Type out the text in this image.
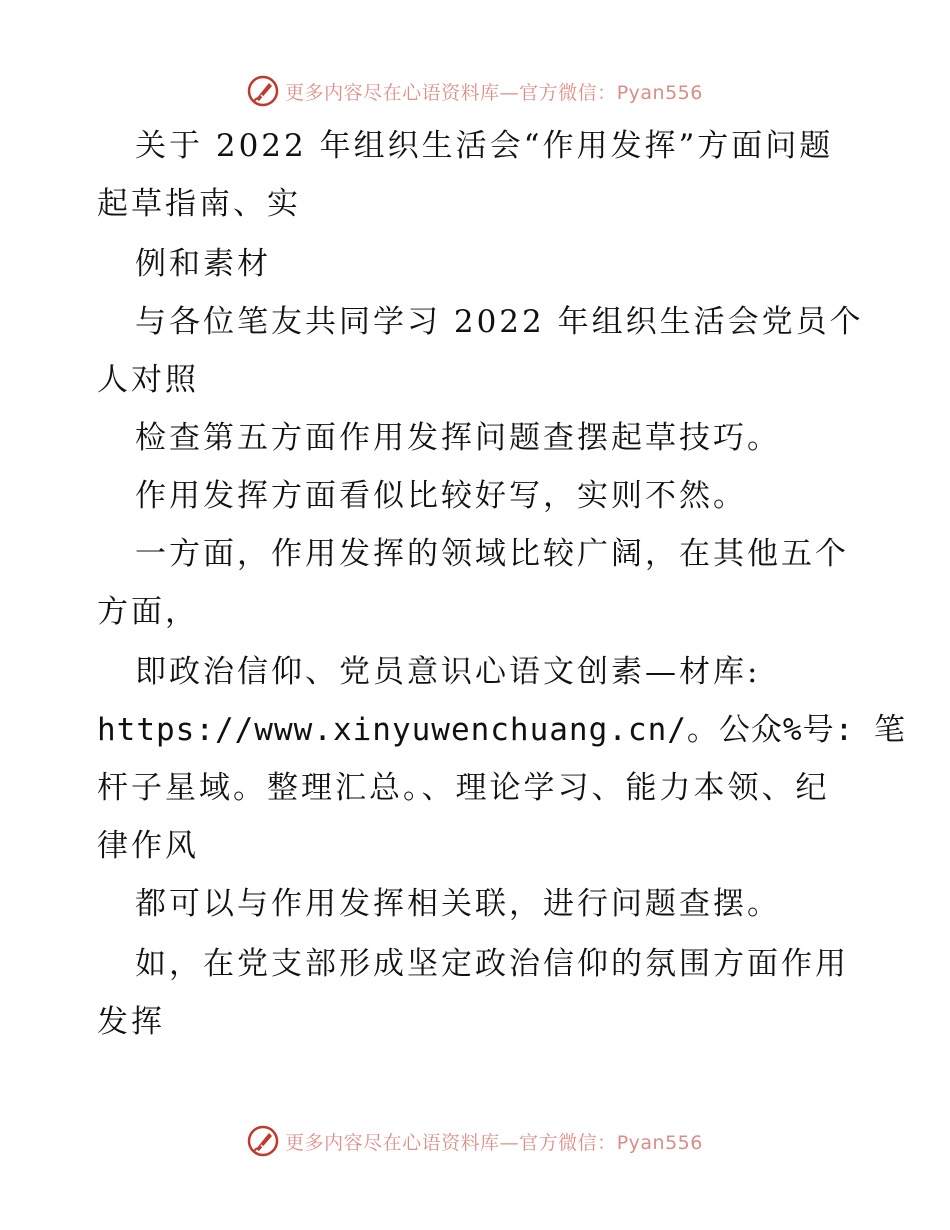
更多内容尽在心语资料库—官方微信：Pyan556
关于 2022 年组织生活会“作用发挥”方面问题
起草指南、实
例和素材
与各位笔友共同学习 2022 年组织生活会党员个
人对照
检查第五方面作用发挥问题查摆起草技巧。
作用发挥方面看似比较好写，实则不然。
一方面，作用发挥的领域比较广阔，在其他五个
方面，
即政治信仰、党员意识心语文创素—材库:
https://www.xinyuwenchuang.cn/。公众%号: 笔
杆子星域。整理汇总。、理论学习、能力本领、纪
律作风
都可以与作用发挥相关联，进行问题查摆。
如，在党支部形成坚定政治信仰的氛围方面作用
发挥
更多内容尽在心语资料库—官方微信：Pyan556
